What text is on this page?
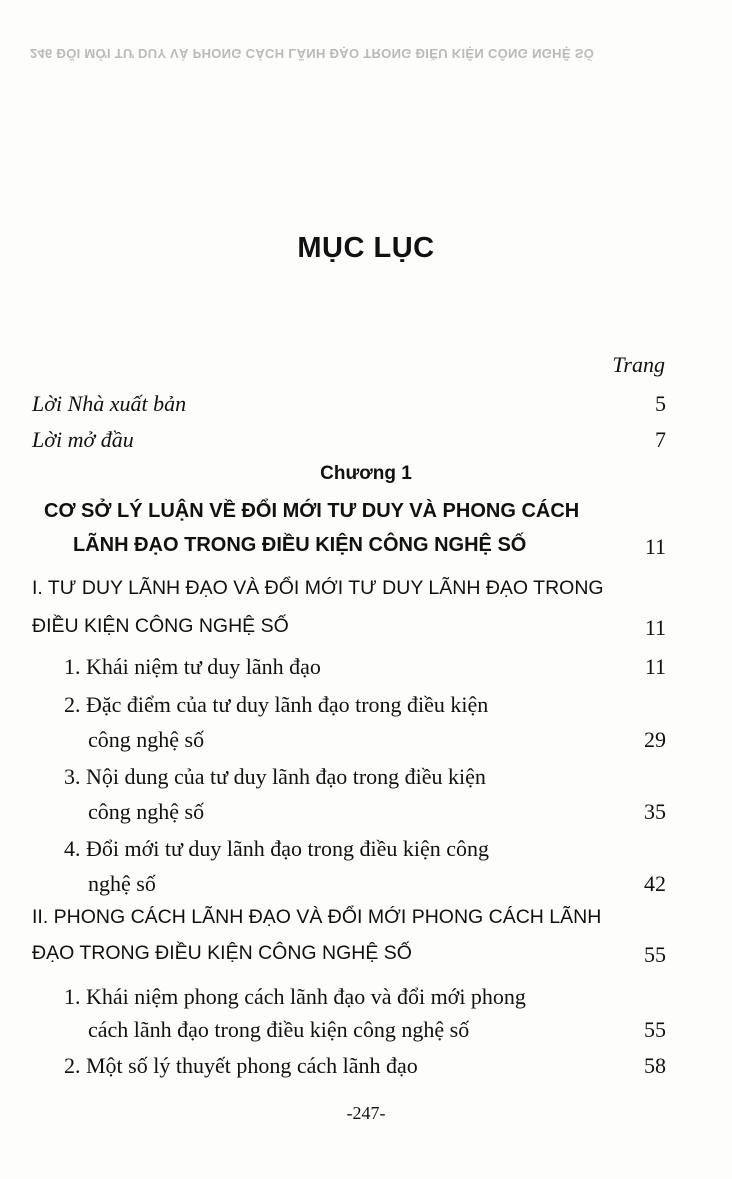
246 ĐỔI MỚI TƯ DUY VÀ PHONG CÁCH LÃNH ĐẠO TRONG ĐIỀU KIỆN CÔNG NGHỆ SỐ
MỤC LỤC
Trang
Lời Nhà xuất bản	5
Lời mở đầu	7
Chương 1
CƠ SỞ LÝ LUẬN VỀ ĐỔI MỚI TƯ DUY VÀ PHONG CÁCH
LÃNH ĐẠO TRONG ĐIỀU KIỆN CÔNG NGHỆ SỐ	11
I. TƯ DUY LÃNH ĐẠO VÀ ĐỔI MỚI TƯ DUY LÃNH ĐẠO TRONG
ĐIỀU KIỆN CÔNG NGHỆ SỐ	11
1. Khái niệm tư duy lãnh đạo	11
2. Đặc điểm của tư duy lãnh đạo trong điều kiện
công nghệ số	29
3. Nội dung của tư duy lãnh đạo trong điều kiện
công nghệ số	35
4. Đổi mới tư duy lãnh đạo trong điều kiện công
nghệ số	42
II. PHONG CÁCH LÃNH ĐẠO VÀ ĐỔI MỚI PHONG CÁCH LÃNH
ĐẠO TRONG ĐIỀU KIỆN CÔNG NGHỆ SỐ	55
1. Khái niệm phong cách lãnh đạo và đổi mới phong
cách lãnh đạo trong điều kiện công nghệ số	55
2. Một số lý thuyết phong cách lãnh đạo	58
-247-
